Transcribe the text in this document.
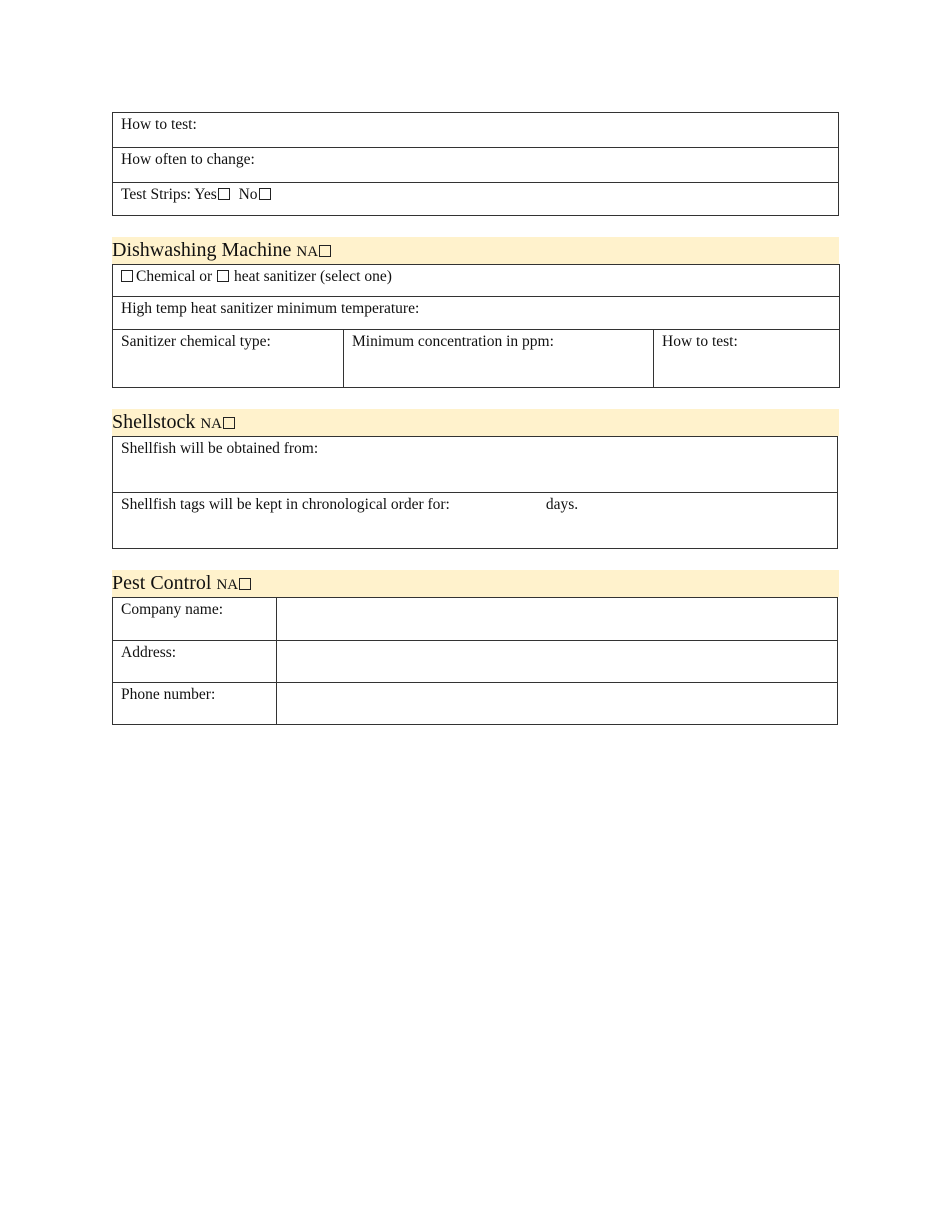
How to test:
How often to change:
Test Strips: Yes No
Dishwashing Machine NA
Chemical or heat sanitizer (select one)
High temp heat sanitizer minimum temperature:
Sanitizer chemical type:	Minimum concentration in ppm:	How to test:
Shellstock NA
Shellfish will be obtained from:
Shellfish tags will be kept in chronological order for:	days.
Pest Control NA
Company name:	
Address:	
Phone number:	
